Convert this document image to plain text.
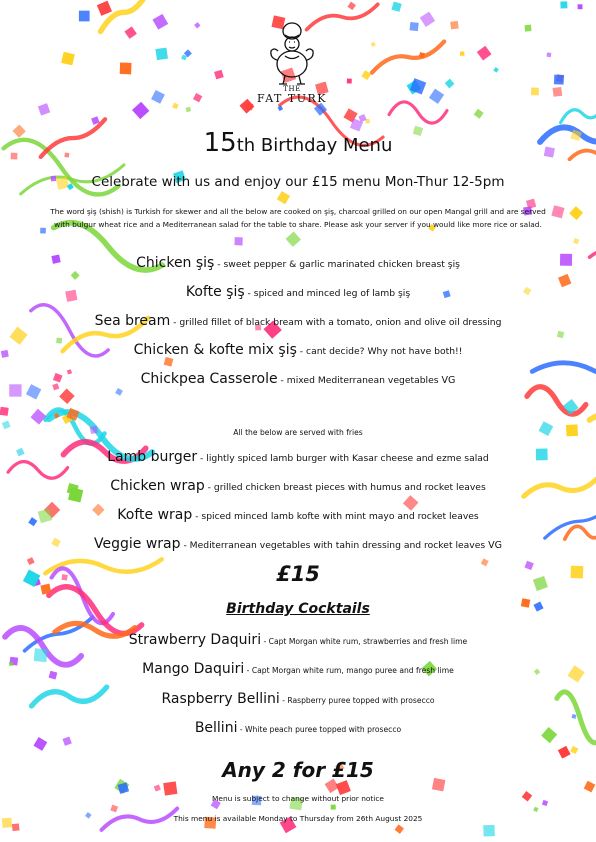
THE
FAT TURK
15th Birthday Menu
Celebrate with us and enjoy our £15 menu Mon-Thur 12-5pm
The word şiş (shish) is Turkish for skewer and all the below are cooked on şiş, charcoal grilled on our open Mangal grill and are served with bulgur wheat rice and a Mediterranean salad for the table to share. Please ask your server if you would like more rice or salad.
Chicken şiş - sweet pepper & garlic marinated chicken breast şiş
Kofte şiş - spiced and minced leg of lamb şiş
Sea bream - grilled fillet of black bream with a tomato, onion and olive oil dressing
Chicken & kofte mix şiş - cant decide? Why not have both!!
Chickpea Casserole - mixed Mediterranean vegetables VG
All the below are served with fries
Lamb burger - lightly spiced lamb burger with Kasar cheese and ezme salad
Chicken wrap - grilled chicken breast pieces with humus and rocket leaves
Kofte wrap - spiced minced lamb kofte with mint mayo and rocket leaves
Veggie wrap - Mediterranean vegetables with tahin dressing and rocket leaves VG
£15
Birthday Cocktails
Strawberry Daquiri - Capt Morgan white rum, strawberries and fresh lime
Mango Daquiri - Capt Morgan white rum, mango puree and fresh lime
Raspberry Bellini - Raspberry puree topped with prosecco
Bellini - White peach puree topped with prosecco
Any 2 for £15
Menu is subject to change without prior notice
This menu is available Monday to Thursday from 26th August 2025
